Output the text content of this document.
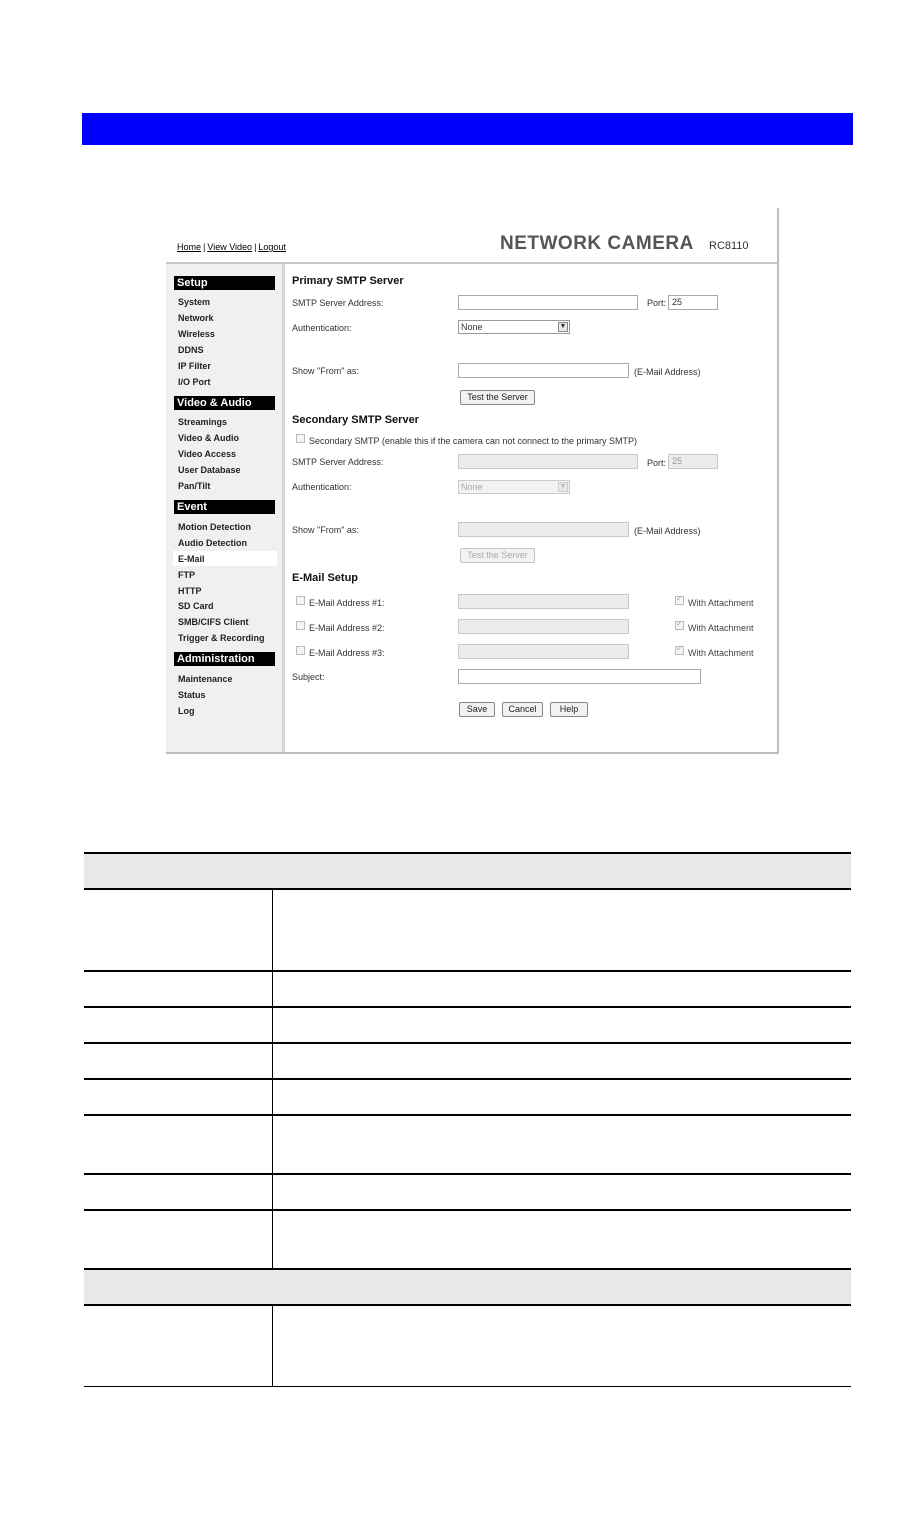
Home | View Video | Logout	NETWORK CAMERA RC8110
Setup
System
Network
Wireless
DDNS
IP Filter
I/O Port
Video & Audio
Streamings
Video & Audio
Video Access
User Database
Pan/Tilt
Event
Motion Detection
Audio Detection
E-Mail
FTP
HTTP
SD Card
SMB/CIFS Client
Trigger & Recording
Administration
Maintenance
Status
Log
Primary SMTP Server
SMTP Server Address:	Port: 25
Authentication:	None	▼
Show "From" as:	(E-Mail Address)
Test the Server
Secondary SMTP Server
Secondary SMTP (enable this if the camera can not connect to the primary SMTP)
SMTP Server Address:	Port: 25
Authentication:	None	▼
Show "From" as:	(E-Mail Address)
Test the Server
E-Mail Setup
E-Mail Address #1: ✓	With Attachment
E-Mail Address #2: ✓	With Attachment
E-Mail Address #3: ✓	With Attachment
Subject:
Save	Cancel	Help
